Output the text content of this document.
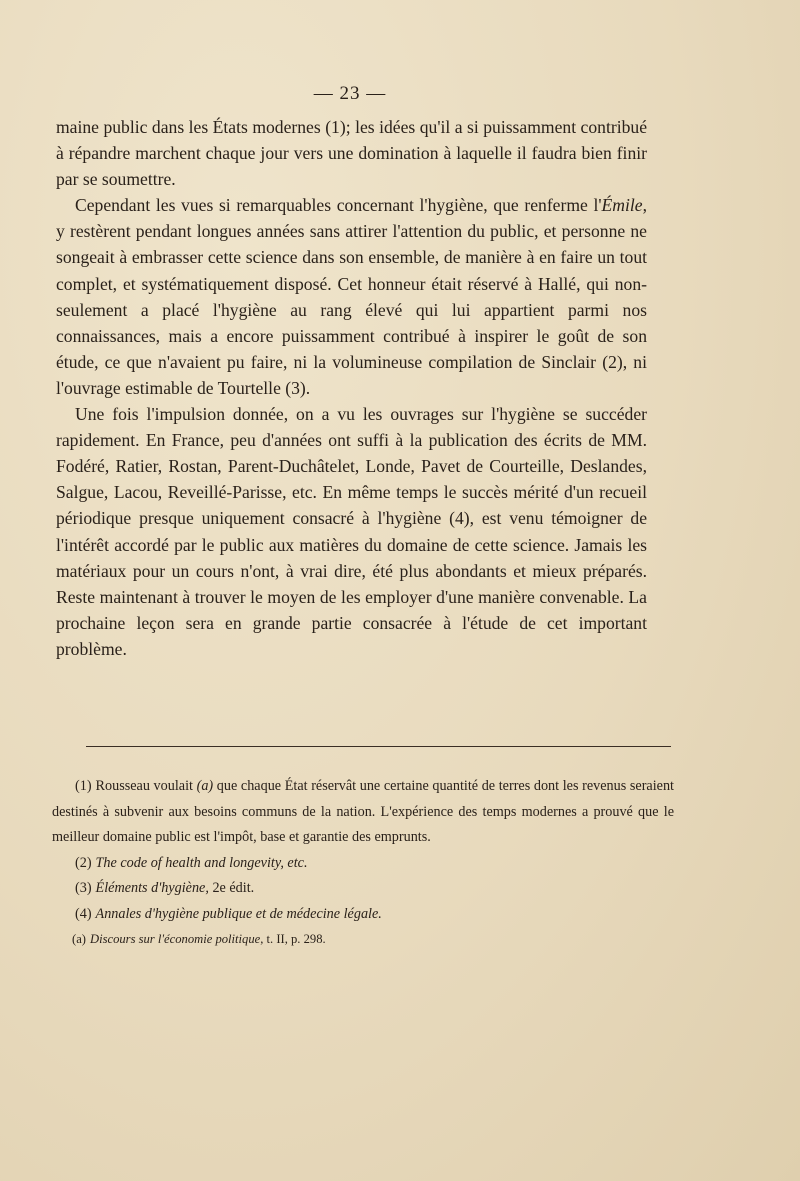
— 23 —

maine public dans les États modernes (1); les idées qu'il a si puissamment contribué à répandre marchent chaque jour vers une domination à laquelle il faudra bien finir par se soumettre.

Cependant les vues si remarquables concernant l'hygiène, que renferme l'Émile, y restèrent pendant longues années sans attirer l'attention du public, et personne ne songeait à embrasser cette science dans son ensemble, de manière à en faire un tout complet, et systématiquement disposé. Cet honneur était réservé à Hallé, qui non-seulement a placé l'hygiène au rang élevé qui lui appartient parmi nos connaissances, mais a encore puissamment contribué à inspirer le goût de son étude, ce que n'avaient pu faire, ni la volumineuse compilation de Sinclair (2), ni l'ouvrage estimable de Tourtelle (3).

Une fois l'impulsion donnée, on a vu les ouvrages sur l'hygiène se succéder rapidement. En France, peu d'années ont suffi à la publication des écrits de MM. Fodéré, Ratier, Rostan, Parent-Duchâtelet, Londe, Pavet de Courteille, Deslandes, Salgue, Lacou, Reveillé-Parisse, etc. En même temps le succès mérité d'un recueil périodique presque uniquement consacré à l'hygiène (4), est venu témoigner de l'intérêt accordé par le public aux matières du domaine de cette science. Jamais les matériaux pour un cours n'ont, à vrai dire, été plus abondants et mieux préparés. Reste maintenant à trouver le moyen de les employer d'une manière convenable. La prochaine leçon sera en grande partie consacrée à l'étude de cet important problème.

(1) Rousseau voulait (a) que chaque État réservât une certaine quantité de terres dont les revenus seraient destinés à subvenir aux besoins communs de la nation. L'expérience des temps modernes a prouvé que le meilleur domaine public est l'impôt, base et garantie des emprunts.

(2) The code of health and longevity, etc.

(3) Éléments d'hygiène, 2e édit.

(4) Annales d'hygiène publique et de médecine légale.

(a) Discours sur l'économie politique, t. II, p. 298.
